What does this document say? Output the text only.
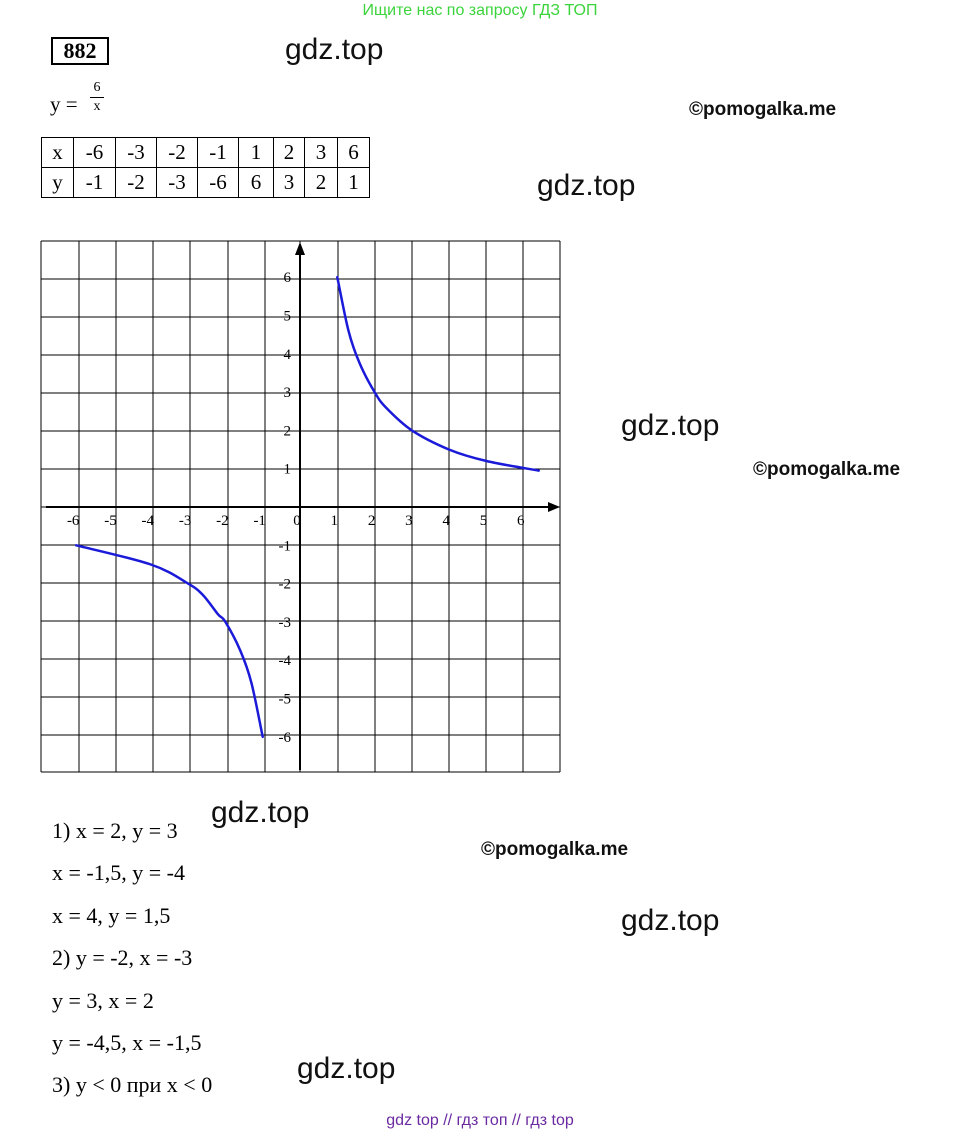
Ищите нас по запросу ГДЗ ТОП
882
$y = \frac{6}{x}$
x	-6	-3	-2	-1	1	2	3	6
y	-1	-2	-3	-6	6	3	2	1
-6 -5 -4 -3 -2 -1 0 1 2 3 4 5 6
-6
-5
-4
-3
-2
-1
1
2
3
4
5
6
gdz.top
gdz.top
gdz.top
gdz.top
gdz.top
gdz.top
©pomogalka.me
©pomogalka.me
©pomogalka.me
1) x = 2, y = 3
x = -1,5, y = -4
x = 4, y = 1,5
2) y = -2, x = -3
y = 3, x = 2
y = -4,5, x = -1,5
3) y < 0 при x < 0
gdz top // гдз топ // гдз top
